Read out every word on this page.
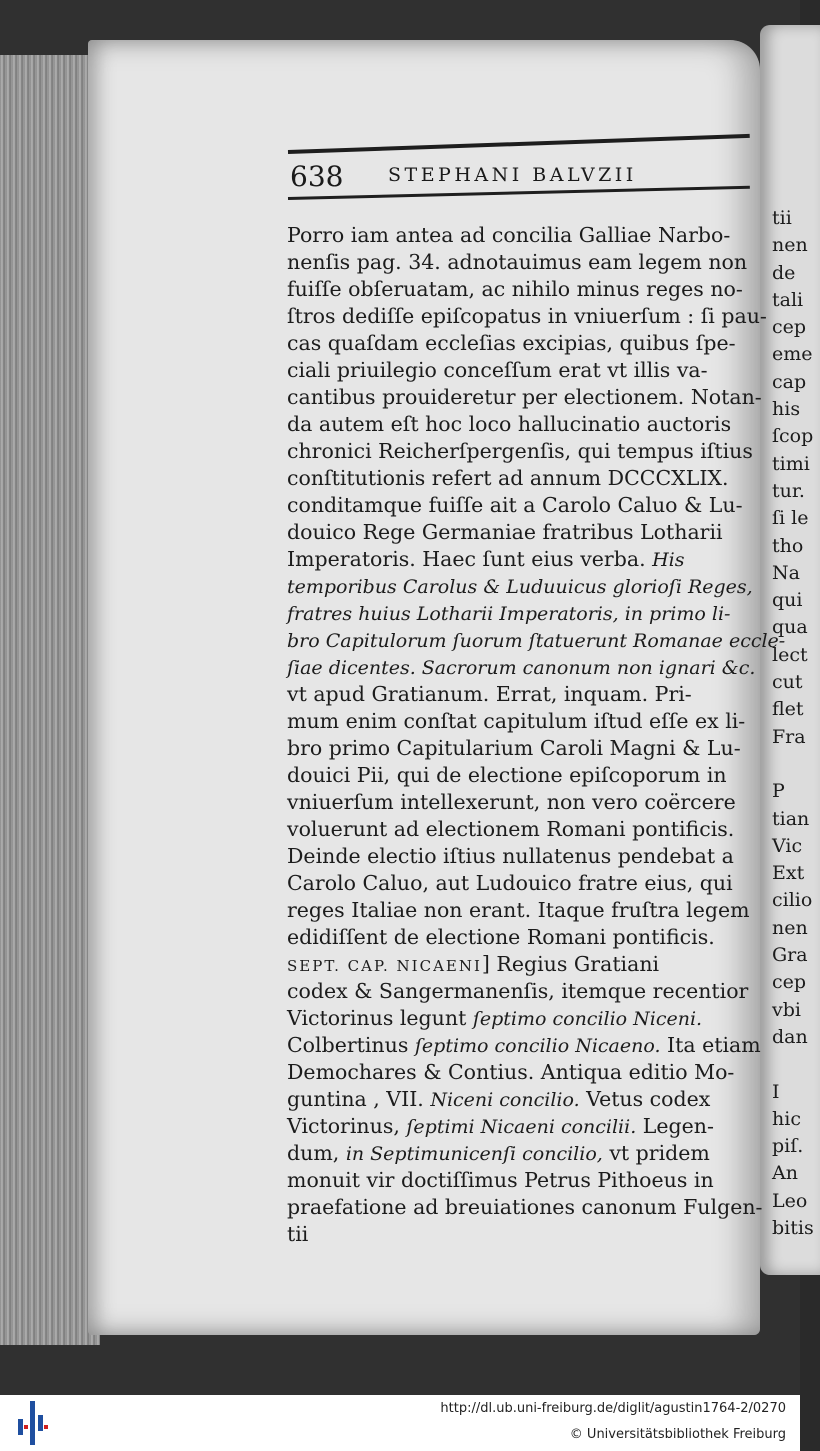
638 STEPHANI BALVZII
Porro iam antea ad concilia Galliae Narbo-
nenſis pag. 34. adnotauimus eam legem non
fuiſſe obſeruatam, ac nihilo minus reges no-
ſtros dediſſe epiſcopatus in vniuerſum : ſi pau-
cas quaſdam eccleſias excipias, quibus ſpe-
ciali priuilegio conceſſum erat vt illis va-
cantibus prouideretur per electionem. Notan-
da autem eſt hoc loco hallucinatio auctoris
chronici Reicherſpergenſis, qui tempus iſtius
conſtitutionis refert ad annum DCCCXLIX.
conditamque fuiſſe ait a Carolo Caluo & Lu-
douico Rege Germaniae fratribus Lotharii
Imperatoris. Haec ſunt eius verba. His
temporibus Carolus & Luduuicus glorioſi Reges,
fratres huius Lotharii Imperatoris, in primo li-
bro Capitulorum ſuorum ſtatuerunt Romanae eccle-
ſiae dicentes. Sacrorum canonum non ignari &c.
vt apud Gratianum. Errat, inquam. Pri-
mum enim conſtat capitulum iſtud eſſe ex li-
bro primo Capitularium Caroli Magni & Lu-
douici Pii, qui de electione epiſcoporum in
vniuerſum intellexerunt, non vero coërcere
voluerunt ad electionem Romani pontificis.
Deinde electio iſtius nullatenus pendebat a
Carolo Caluo, aut Ludouico fratre eius, qui
reges Italiae non erant. Itaque fruſtra legem
edidiſſent de electione Romani pontificis.
SEPT. CAP. NICAENI] Regius Gratiani
codex & Sangermanenſis, itemque recentior
Victorinus legunt ſeptimo concilio Niceni.
Colbertinus ſeptimo concilio Nicaeno. Ita etiam
Demochares & Contius. Antiqua editio Mo-
guntina , VII. Niceni concilio. Vetus codex
Victorinus, ſeptimi Nicaeni concilii. Legen-
dum, in Septimunicenſi concilio, vt pridem
monuit vir doctiſſimus Petrus Pithoeus in
praefatione ad breuiationes canonum Fulgen-
tii
tii
nen
de
tali
cep
eme
cap
his
ſcop
timi
tur.
ſi le
tho
Na
qui
qua
lect
cut
flet
Fra
P
tian
Vic
Ext
cilio
nen
Gra
cep
vbi
dan
I
hic
piſ.
An
Leo
bitis
http://dl.ub.uni-freiburg.de/diglit/agustin1764-2/0270
© Universitätsbibliothek Freiburg
